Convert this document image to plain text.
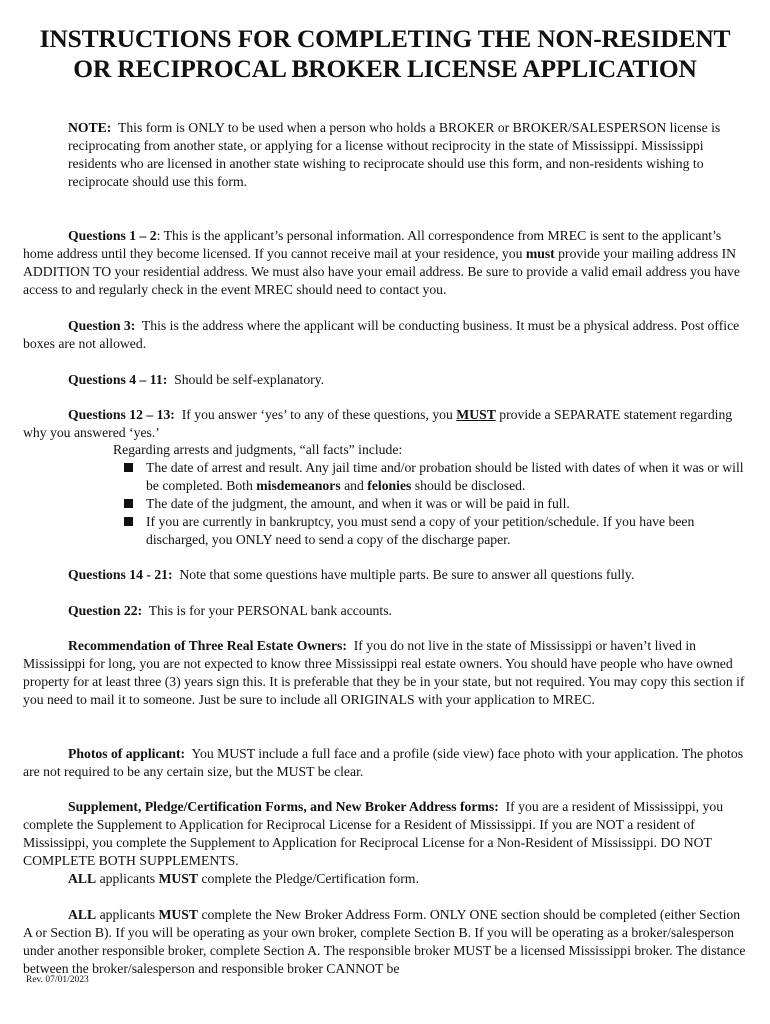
INSTRUCTIONS FOR COMPLETING THE NON-RESIDENT
OR RECIPROCAL BROKER LICENSE APPLICATION

NOTE: This form is ONLY to be used when a person who holds a BROKER or BROKER/SALESPERSON license is reciprocating from another state, or applying for a license without reciprocity in the state of Mississippi. Mississippi residents who are licensed in another state wishing to reciprocate should use this form, and non-residents wishing to reciprocate should use this form.

Questions 1 – 2: This is the applicant’s personal information. All correspondence from MREC is sent to the applicant’s home address until they become licensed. If you cannot receive mail at your residence, you must provide your mailing address IN ADDITION TO your residential address. We must also have your email address. Be sure to provide a valid email address you have access to and regularly check in the event MREC should need to contact you.

Question 3: This is the address where the applicant will be conducting business. It must be a physical address. Post office boxes are not allowed.

Questions 4 – 11: Should be self-explanatory.

Questions 12 – 13: If you answer ‘yes’ to any of these questions, you MUST provide a SEPARATE statement regarding why you answered ‘yes.’

Regarding arrests and judgments, “all facts” include:
The date of arrest and result. Any jail time and/or probation should be listed with dates of when it was or will be completed. Both misdemeanors and felonies should be disclosed.
The date of the judgment, the amount, and when it was or will be paid in full.
If you are currently in bankruptcy, you must send a copy of your petition/schedule. If you have been discharged, you ONLY need to send a copy of the discharge paper.

Questions 14 - 21: Note that some questions have multiple parts. Be sure to answer all questions fully.

Question 22: This is for your PERSONAL bank accounts.

Recommendation of Three Real Estate Owners: If you do not live in the state of Mississippi or haven’t lived in Mississippi for long, you are not expected to know three Mississippi real estate owners. You should have people who have owned property for at least three (3) years sign this. It is preferable that they be in your state, but not required. You may copy this section if you need to mail it to someone. Just be sure to include all ORIGINALS with your application to MREC.

Photos of applicant: You MUST include a full face and a profile (side view) face photo with your application. The photos are not required to be any certain size, but the MUST be clear.

Supplement, Pledge/Certification Forms, and New Broker Address forms: If you are a resident of Mississippi, you complete the Supplement to Application for Reciprocal License for a Resident of Mississippi. If you are NOT a resident of Mississippi, you complete the Supplement to Application for Reciprocal License for a Non-Resident of Mississippi. DO NOT COMPLETE BOTH SUPPLEMENTS.
ALL applicants MUST complete the Pledge/Certification form.

ALL applicants MUST complete the New Broker Address Form. ONLY ONE section should be completed (either Section A or Section B). If you will be operating as your own broker, complete Section B. If you will be operating as a broker/salesperson under another responsible broker, complete Section A. The responsible broker MUST be a licensed Mississippi broker. The distance between the broker/salesperson and responsible broker CANNOT be

Rev. 07/01/2023
